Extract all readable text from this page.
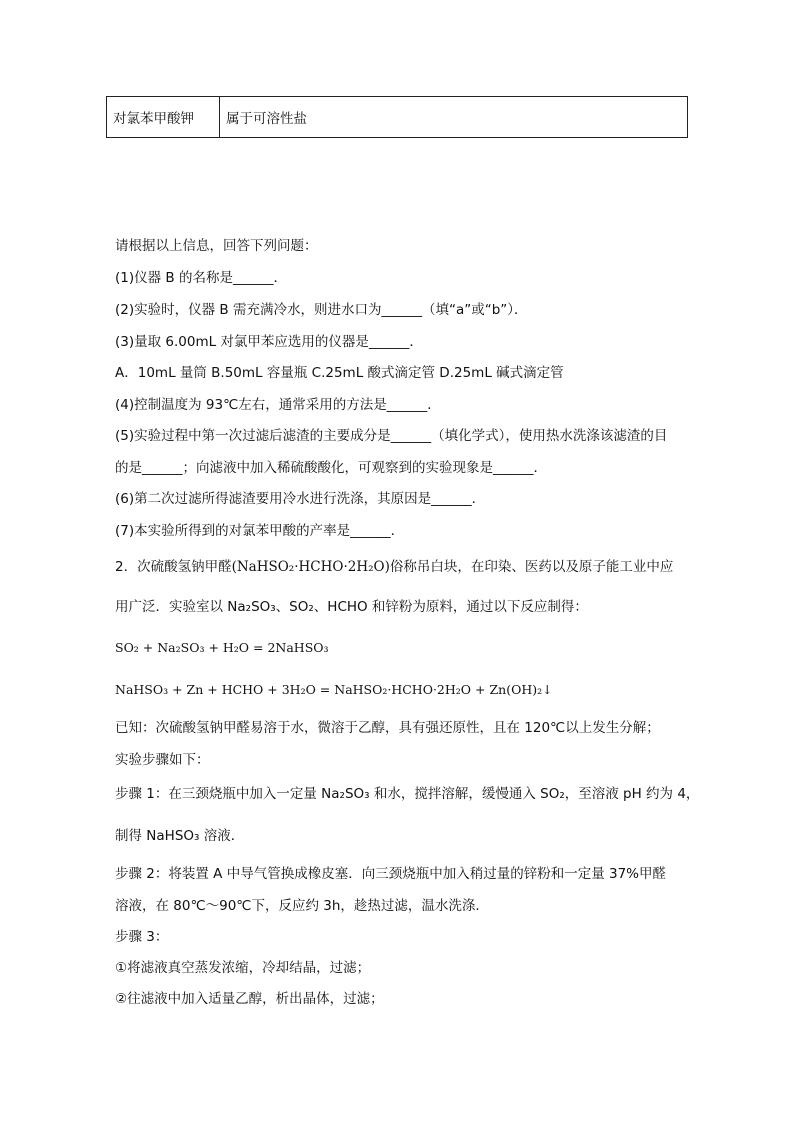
对氯苯甲酸钾	属于可溶性盐
请根据以上信息，回答下列问题：
(1)仪器 B 的名称是______．
(2)实验时，仪器 B 需充满冷水，则进水口为______（填“a”或“b”）．
(3)量取 6.00mL 对氯甲苯应选用的仪器是______．
A．10mL 量筒 B.50mL 容量瓶 C.25mL 酸式滴定管 D.25mL 碱式滴定管
(4)控制温度为 93℃左右，通常采用的方法是______．
(5)实验过程中第一次过滤后滤渣的主要成分是______（填化学式），使用热水洗涤该滤渣的目
的是______；向滤液中加入稀硫酸酸化，可观察到的实验现象是______．
(6)第二次过滤所得滤渣要用冷水进行洗涤，其原因是______．
(7)本实验所得到的对氯苯甲酸的产率是______．
2．次硫酸氢钠甲醛(NaHSO₂·HCHO·2H₂O)俗称吊白块，在印染、医药以及原子能工业中应
用广泛．实验室以 Na₂SO₃、SO₂、HCHO 和锌粉为原料，通过以下反应制得：
SO₂ + Na₂SO₃ + H₂O = 2NaHSO₃
NaHSO₃ + Zn + HCHO + 3H₂O = NaHSO₂·HCHO·2H₂O + Zn(OH)₂↓
已知：次硫酸氢钠甲醛易溶于水，微溶于乙醇，具有强还原性，且在 120℃以上发生分解；
实验步骤如下：
步骤 1：在三颈烧瓶中加入一定量 Na₂SO₃ 和水，搅拌溶解，缓慢通入 SO₂，至溶液 pH 约为 4，
制得 NaHSO₃ 溶液．
步骤 2：将装置 A 中导气管换成橡皮塞．向三颈烧瓶中加入稍过量的锌粉和一定量 37%甲醛
溶液，在 80℃～90℃下，反应约 3h，趁热过滤，温水洗涤．
步骤 3：
①将滤液真空蒸发浓缩，冷却结晶，过滤；
②往滤液中加入适量乙醇，析出晶体，过滤；
